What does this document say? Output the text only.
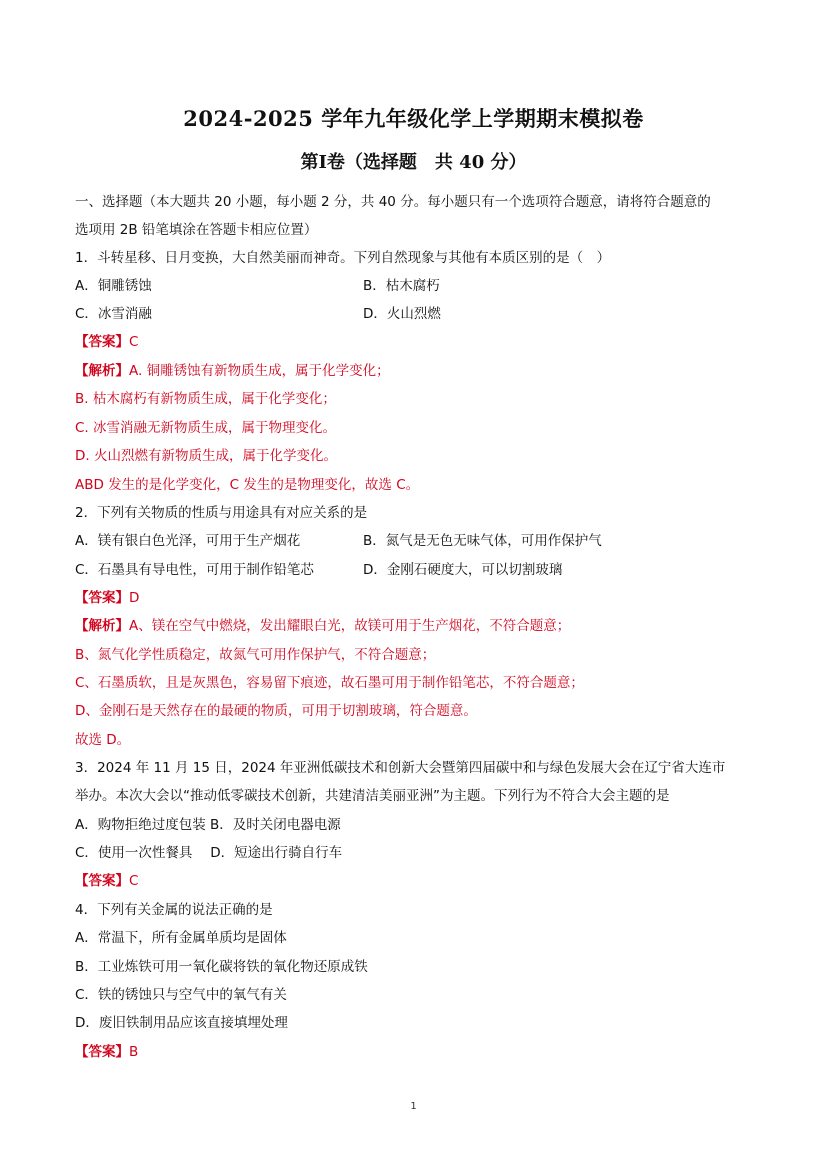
2024-2025 学年九年级化学上学期期末模拟卷
第Ⅰ卷（选择题　共 40 分）
一、选择题（本大题共 20 小题，每小题 2 分，共 40 分。每小题只有一个选项符合题意，请将符合题意的
选项用 2B 铅笔填涂在答题卡相应位置）
1．斗转星移、日月变换，大自然美丽而神奇。下列自然现象与其他有本质区别的是（　）
A．铜雕锈蚀	B．枯木腐朽
C．冰雪消融	D．火山烈燃
【答案】C
【解析】A. 铜雕锈蚀有新物质生成，属于化学变化；
B. 枯木腐朽有新物质生成，属于化学变化；
C. 冰雪消融无新物质生成，属于物理变化。
D. 火山烈燃有新物质生成，属于化学变化。
ABD 发生的是化学变化，C 发生的是物理变化，故选 C。
2．下列有关物质的性质与用途具有对应关系的是
A．镁有银白色光泽，可用于生产烟花	B．氮气是无色无味气体，可用作保护气
C．石墨具有导电性，可用于制作铅笔芯	D．金刚石硬度大，可以切割玻璃
【答案】D
【解析】A、镁在空气中燃烧，发出耀眼白光，故镁可用于生产烟花，不符合题意；
B、氮气化学性质稳定，故氮气可用作保护气，不符合题意；
C、石墨质软，且是灰黑色，容易留下痕迹，故石墨可用于制作铅笔芯，不符合题意；
D、金刚石是天然存在的最硬的物质，可用于切割玻璃，符合题意。
故选 D。
3．2024 年 11 月 15 日，2024 年亚洲低碳技术和创新大会暨第四届碳中和与绿色发展大会在辽宁省大连市
举办。本次大会以“推动低零碳技术创新，共建清洁美丽亚洲”为主题。下列行为不符合大会主题的是
A．购物拒绝过度包装 B．及时关闭电器电源
C．使用一次性餐具　 D．短途出行骑自行车
【答案】C
4．下列有关金属的说法正确的是
A．常温下，所有金属单质均是固体
B．工业炼铁可用一氧化碳将铁的氧化物还原成铁
C．铁的锈蚀只与空气中的氧气有关
D．废旧铁制用品应该直接填埋处理
【答案】B
1
